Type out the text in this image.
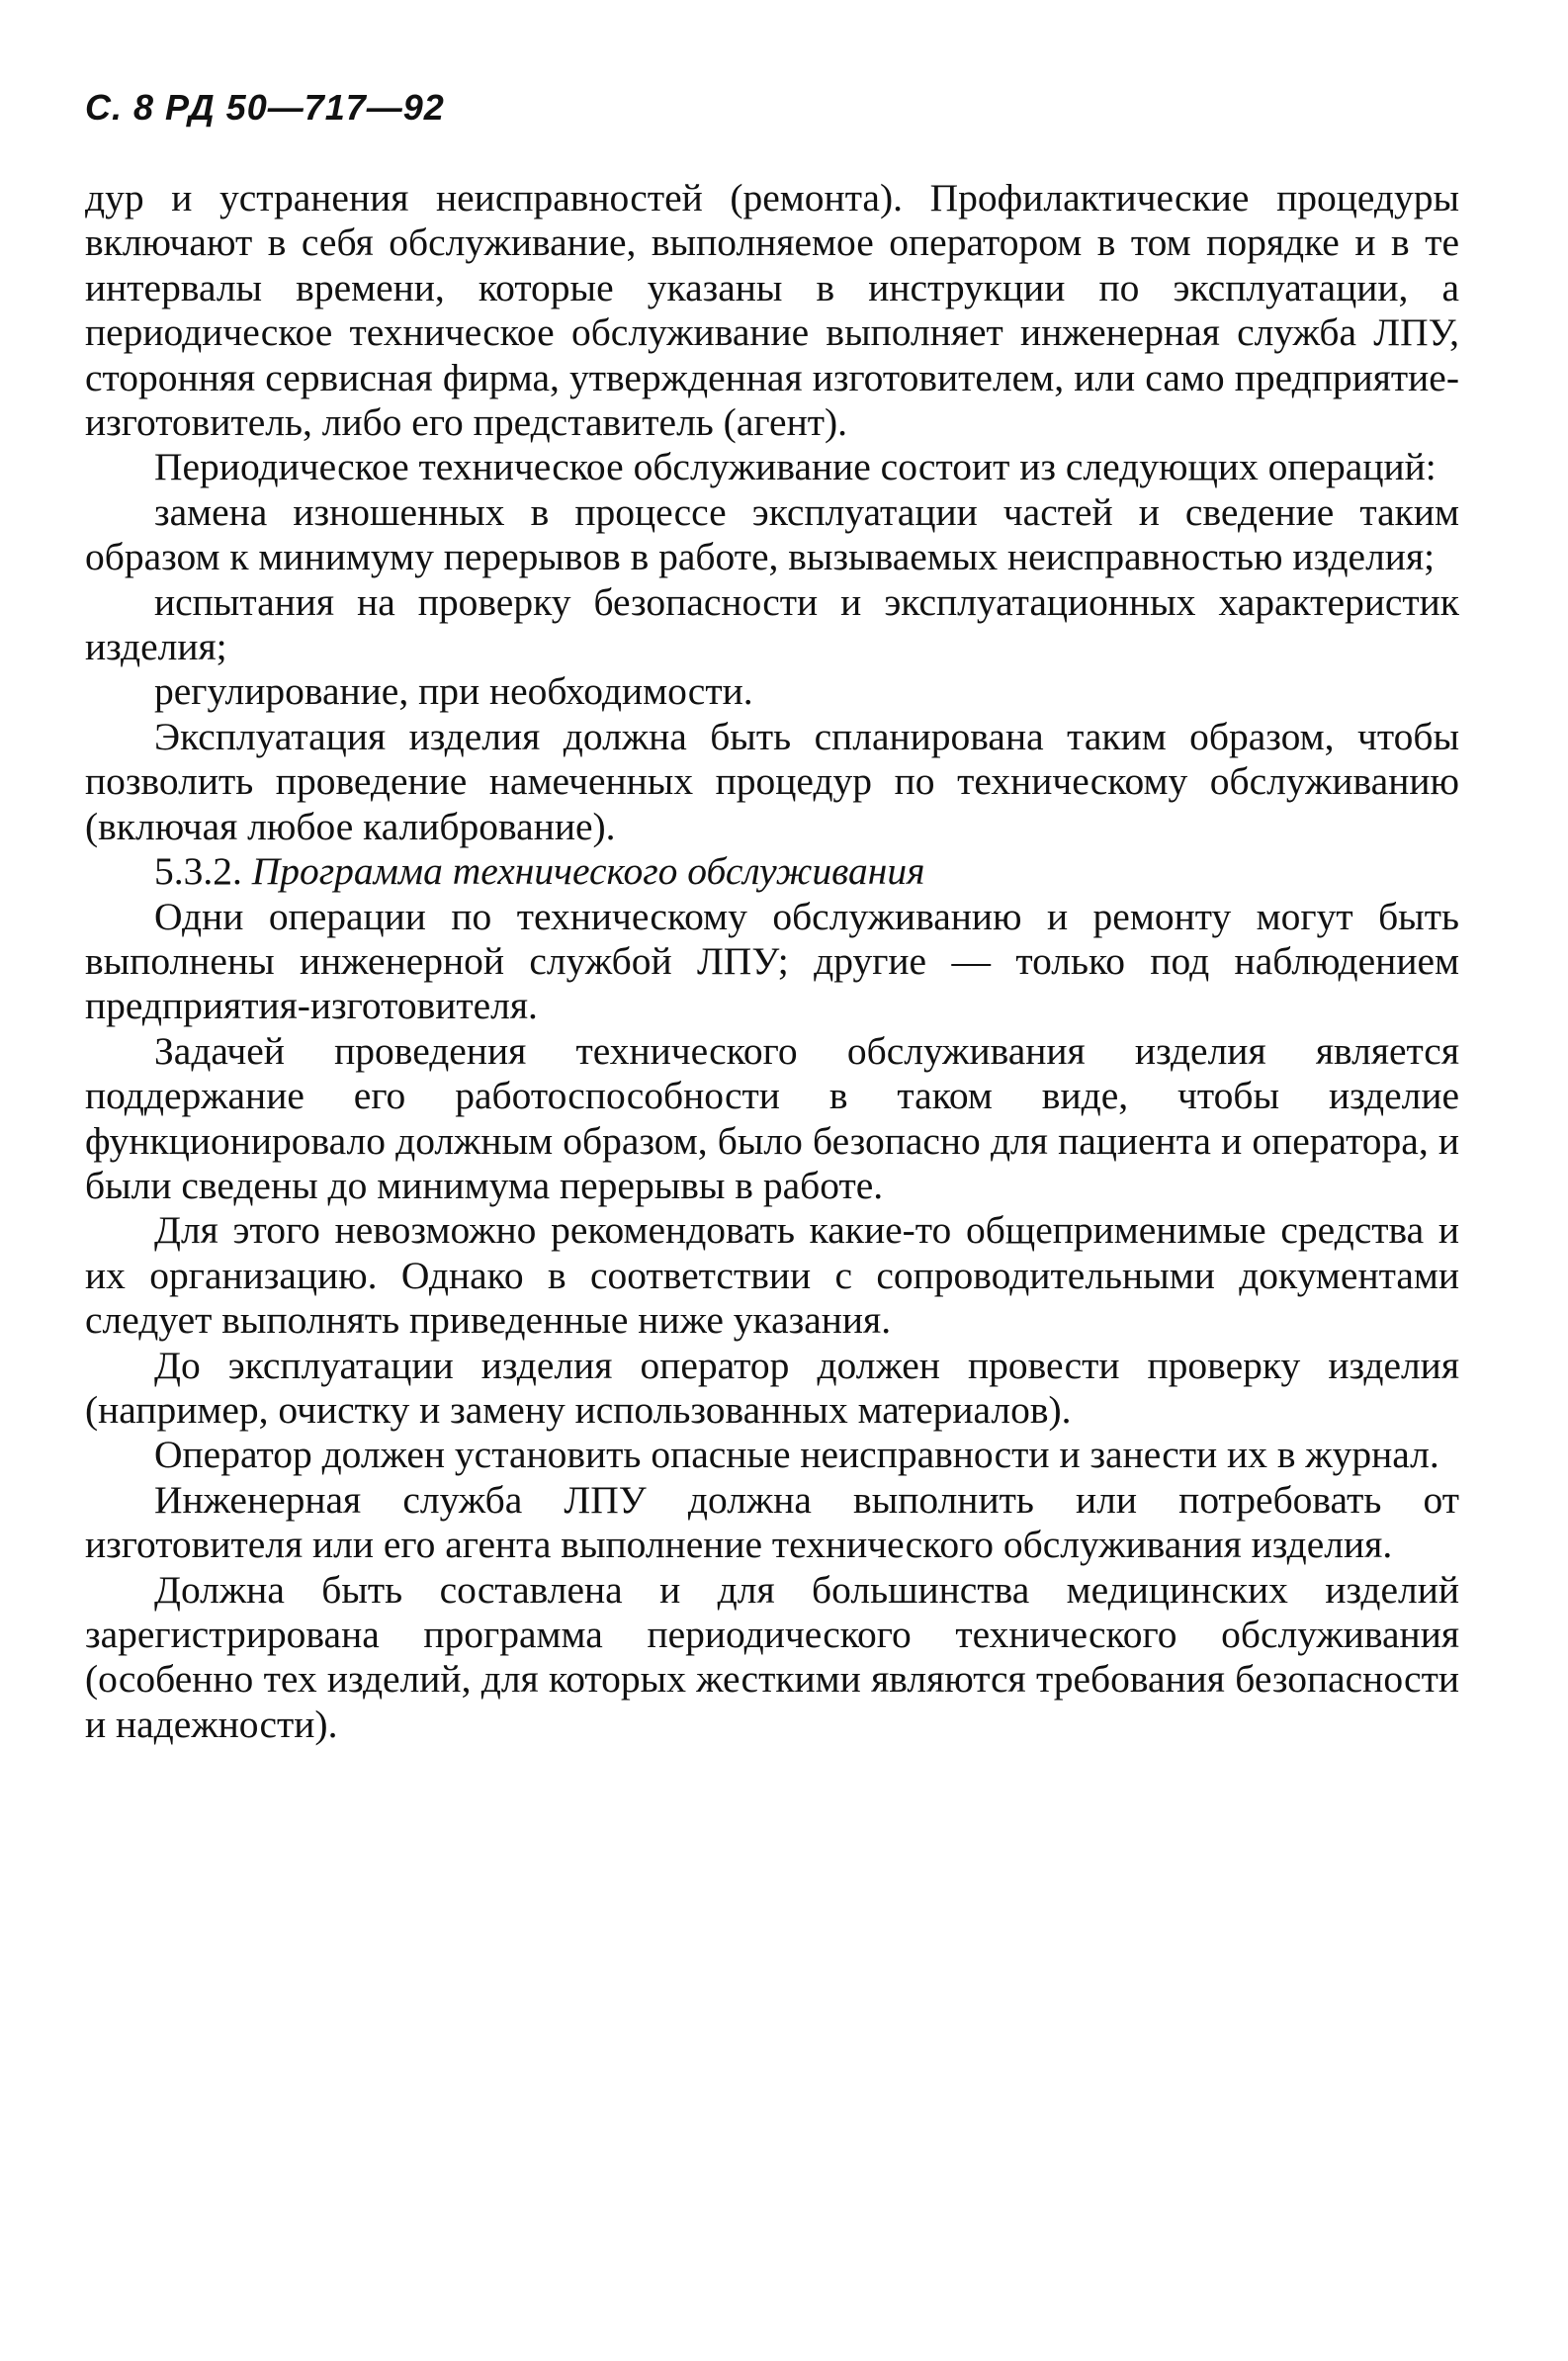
С. 8 РД 50—717—92

дур и устранения неисправностей (ремонта). Профилактические процедуры включают в себя обслуживание, выполняемое оператором в том порядке и в те интервалы времени, которые указаны в инструкции по эксплуатации, а периодическое техническое обслуживание выполняет инженерная служба ЛПУ, сторонняя сервисная фирма, утвержденная изготовителем, или само предприятие-изготовитель, либо его представитель (агент).

Периодическое техническое обслуживание состоит из следующих операций:

замена изношенных в процессе эксплуатации частей и сведение таким образом к минимуму перерывов в работе, вызываемых неисправностью изделия;

испытания на проверку безопасности и эксплуатационных характеристик изделия;

регулирование, при необходимости.

Эксплуатация изделия должна быть спланирована таким образом, чтобы позволить проведение намеченных процедур по техническому обслуживанию (включая любое калибрование).

5.3.2. Программа технического обслуживания

Одни операции по техническому обслуживанию и ремонту могут быть выполнены инженерной службой ЛПУ; другие — только под наблюдением предприятия-изготовителя.

Задачей проведения технического обслуживания изделия является поддержание его работоспособности в таком виде, чтобы изделие функционировало должным образом, было безопасно для пациента и оператора, и были сведены до минимума перерывы в работе.

Для этого невозможно рекомендовать какие-то общеприменимые средства и их организацию. Однако в соответствии с сопроводительными документами следует выполнять приведенные ниже указания.

До эксплуатации изделия оператор должен провести проверку изделия (например, очистку и замену использованных материалов).

Оператор должен установить опасные неисправности и занести их в журнал.

Инженерная служба ЛПУ должна выполнить или потребовать от изготовителя или его агента выполнение технического обслуживания изделия.

Должна быть составлена и для большинства медицинских изделий зарегистрирована программа периодического технического обслуживания (особенно тех изделий, для которых жесткими являются требования безопасности и надежности).
